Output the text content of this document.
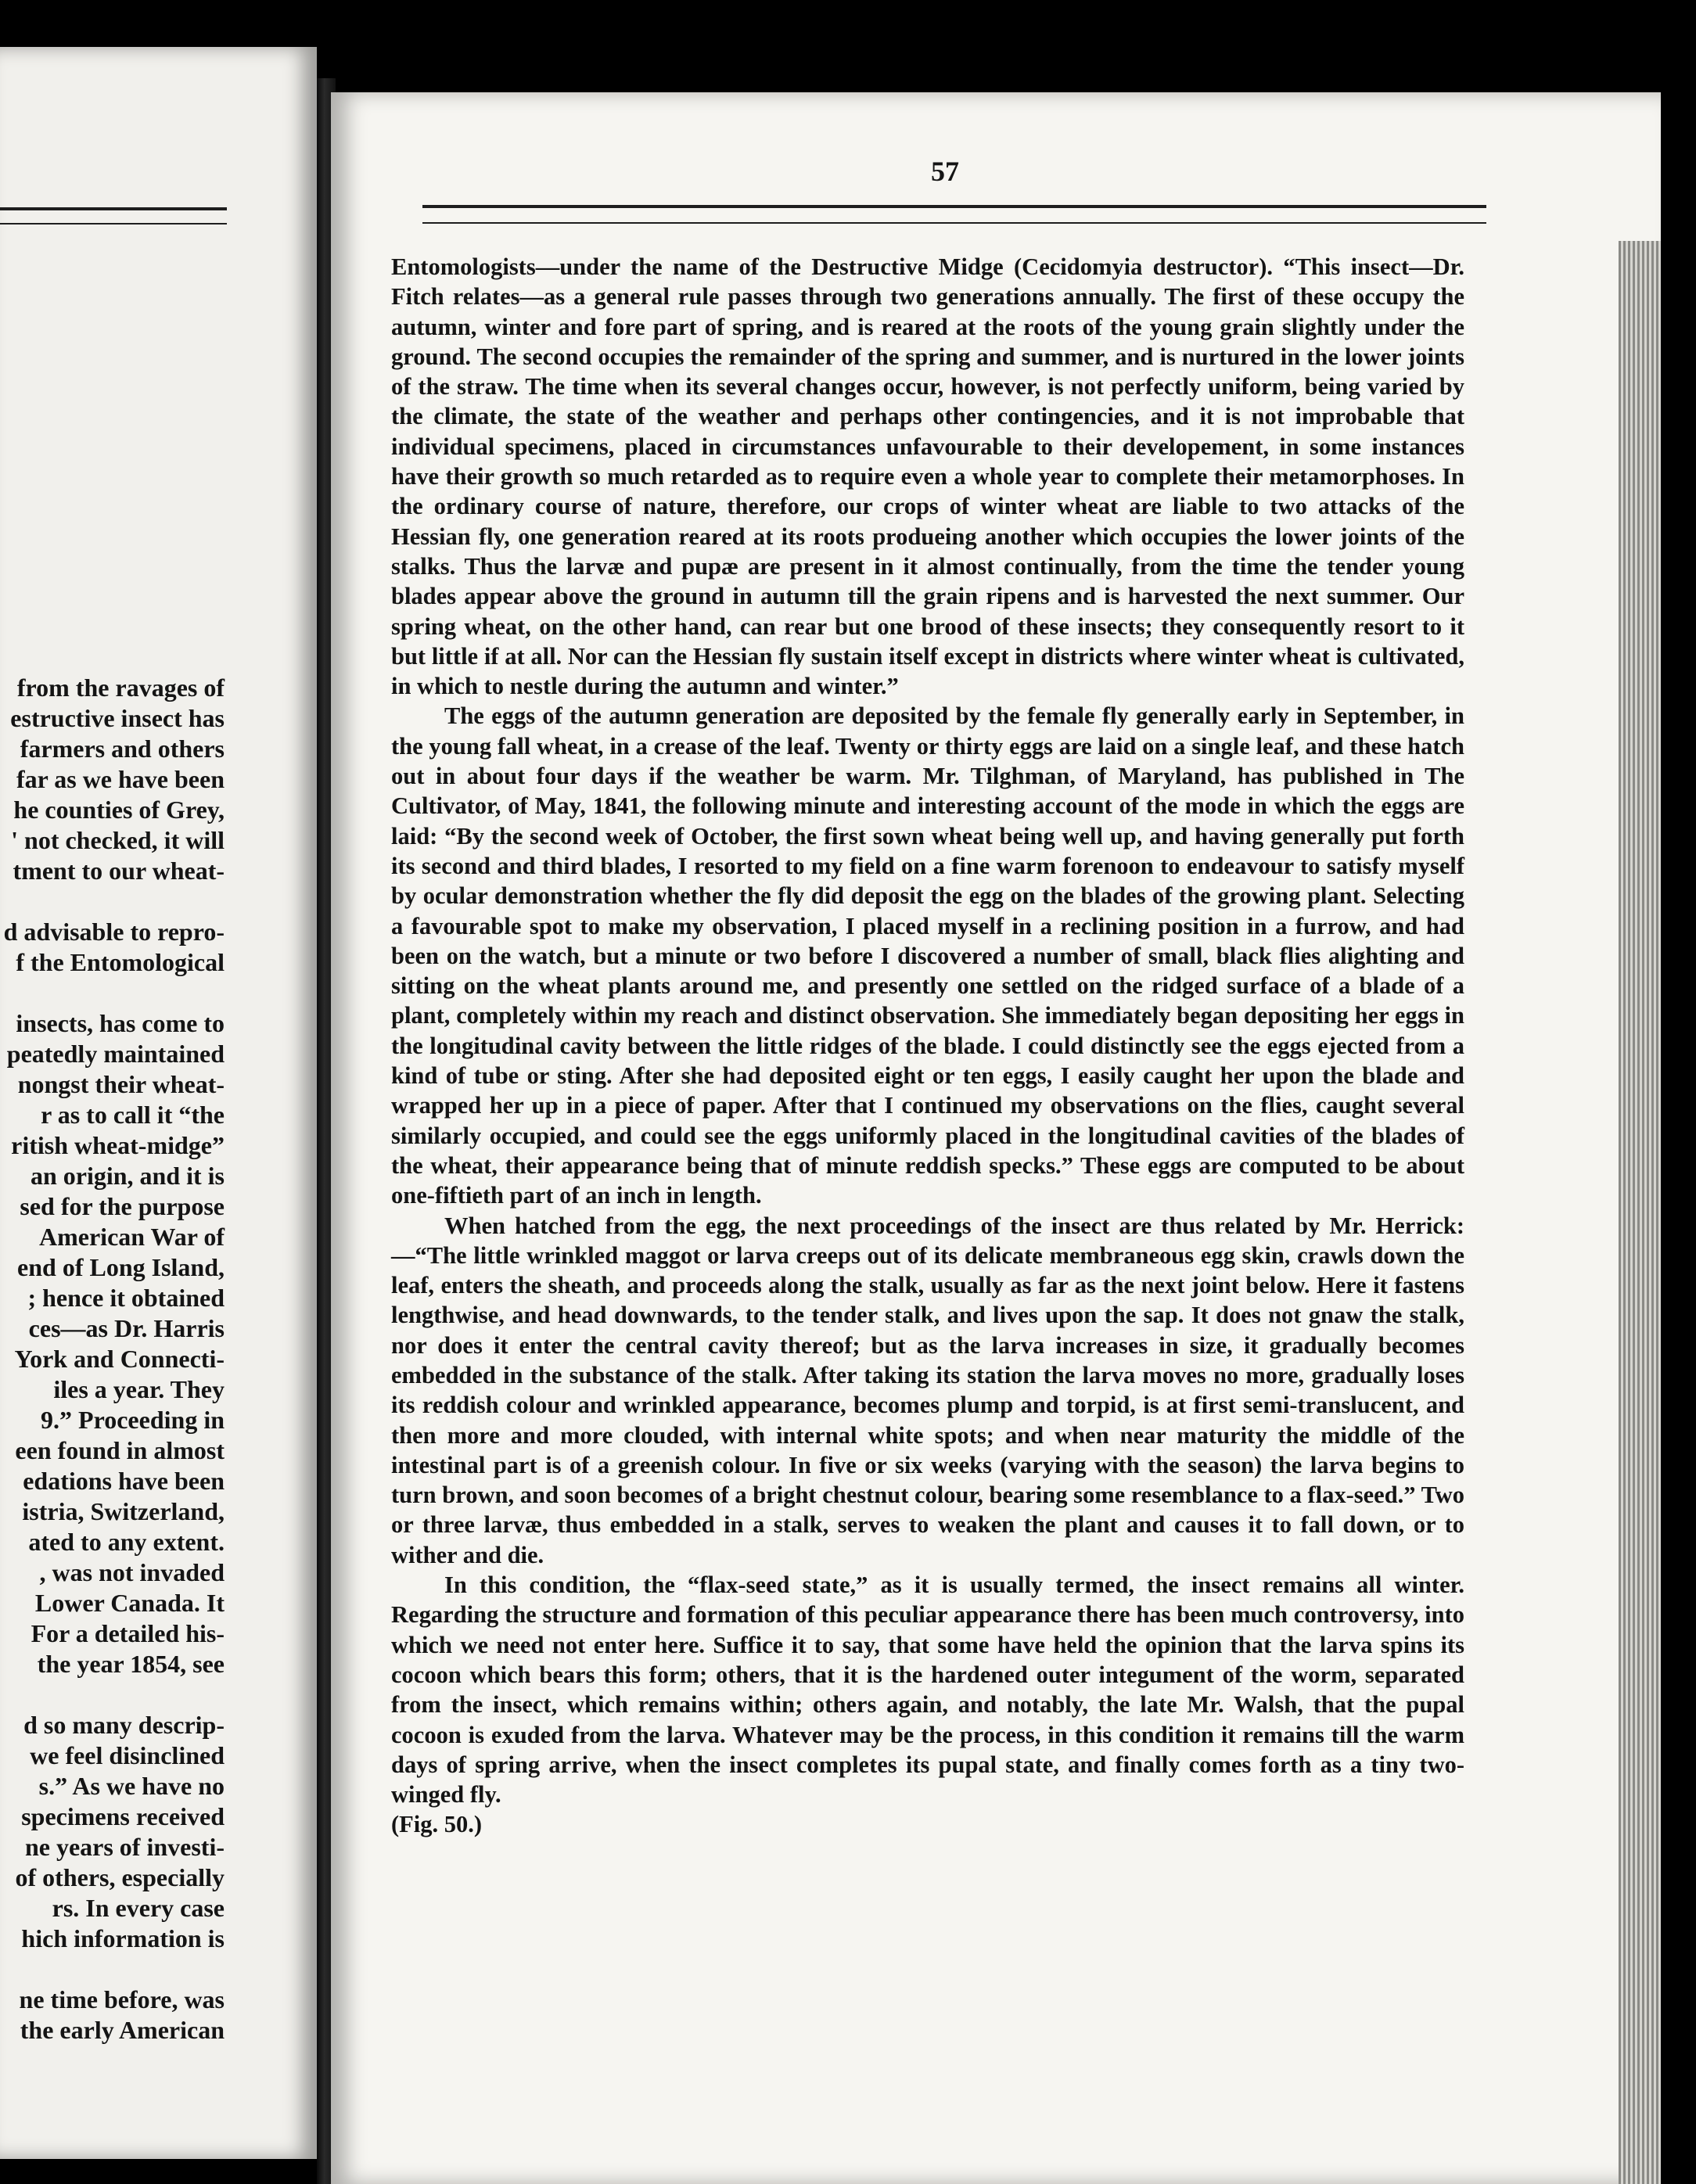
from the ravages of
estructive insect has
farmers and others
far as we have been
he counties of Grey,
' not checked, it will
tment to our wheat-
d advisable to repro-
f the Entomological
insects, has come to
peatedly maintained
nongst their wheat-
r as to call it “the
ritish wheat-midge”
an origin, and it is
sed for the purpose
American War of
end of Long Island,
; hence it obtained
ces—as Dr. Harris
York and Connecti-
iles a year. They
9.” Proceeding in
een found in almost
edations have been
istria, Switzerland,
ated to any extent.
, was not invaded
Lower Canada. It
For a detailed his-
the year 1854, see
d so many descrip-
we feel disinclined
s.” As we have no
specimens received
ne years of investi-
of others, especially
rs. In every case
hich information is
ne time before, was
the early American
57

Entomologists—under the name of the Destructive Midge (Cecidomyia destructor). “This insect—Dr. Fitch relates—as a general rule passes through two generations annually. The first of these occupy the autumn, winter and fore part of spring, and is reared at the roots of the young grain slightly under the ground. The second occupies the remainder of the spring and summer, and is nurtured in the lower joints of the straw. The time when its several changes occur, however, is not perfectly uniform, being varied by the climate, the state of the weather and perhaps other contingencies, and it is not improbable that individual specimens, placed in circumstances unfavourable to their developement, in some instances have their growth so much retarded as to require even a whole year to complete their metamorphoses. In the ordinary course of nature, therefore, our crops of winter wheat are liable to two attacks of the Hessian fly, one generation reared at its roots produeing another which occupies the lower joints of the stalks. Thus the larvæ and pupæ are present in it almost continually, from the time the tender young blades appear above the ground in autumn till the grain ripens and is harvested the next summer. Our spring wheat, on the other hand, can rear but one brood of these insects; they consequently resort to it but little if at all. Nor can the Hessian fly sustain itself except in districts where winter wheat is cultivated, in which to nestle during the autumn and winter.”

The eggs of the autumn generation are deposited by the female fly generally early in September, in the young fall wheat, in a crease of the leaf. Twenty or thirty eggs are laid on a single leaf, and these hatch out in about four days if the weather be warm. Mr. Tilghman, of Maryland, has published in The Cultivator, of May, 1841, the following minute and interesting account of the mode in which the eggs are laid: “By the second week of October, the first sown wheat being well up, and having generally put forth its second and third blades, I resorted to my field on a fine warm forenoon to endeavour to satisfy myself by ocular demonstration whether the fly did deposit the egg on the blades of the growing plant. Selecting a favourable spot to make my observation, I placed myself in a reclining position in a furrow, and had been on the watch, but a minute or two before I discovered a number of small, black flies alighting and sitting on the wheat plants around me, and presently one settled on the ridged surface of a blade of a plant, completely within my reach and distinct observation. She immediately began depositing her eggs in the longitudinal cavity between the little ridges of the blade. I could distinctly see the eggs ejected from a kind of tube or sting. After she had deposited eight or ten eggs, I easily caught her upon the blade and wrapped her up in a piece of paper. After that I continued my observations on the flies, caught several similarly occupied, and could see the eggs uniformly placed in the longitudinal cavities of the blades of the wheat, their appearance being that of minute reddish specks.” These eggs are computed to be about one-fiftieth part of an inch in length.

When hatched from the egg, the next proceedings of the insect are thus related by Mr. Herrick:—“The little wrinkled maggot or larva creeps out of its delicate membraneous egg skin, crawls down the leaf, enters the sheath, and proceeds along the stalk, usually as far as the next joint below. Here it fastens lengthwise, and head downwards, to the tender stalk, and lives upon the sap. It does not gnaw the stalk, nor does it enter the central cavity thereof; but as the larva increases in size, it gradually becomes embedded in the substance of the stalk. After taking its station the larva moves no more, gradually loses its reddish colour and wrinkled appearance, becomes plump and torpid, is at first semi-translucent, and then more and more clouded, with internal white spots; and when near maturity the middle of the intestinal part is of a greenish colour. In five or six weeks (varying with the season) the larva begins to turn brown, and soon becomes of a bright chestnut colour, bearing some resemblance to a flax-seed.” Two or three larvæ, thus embedded in a stalk, serves to weaken the plant and causes it to fall down, or to wither and die.

In this condition, the “flax-seed state,” as it is usually termed, the insect remains all winter. Regarding the structure and formation of this peculiar appearance there has been much controversy, into which we need not enter here. Suffice it to say, that some have held the opinion that the larva spins its cocoon which bears this form; others, that it is the hardened outer integument of the worm, separated from the insect, which remains within; others again, and notably, the late Mr. Walsh, that the pupal cocoon is exuded from the larva. Whatever may be the process, in this condition it remains till the warm days of spring arrive, when the insect completes its pupal state, and finally comes forth as a tiny two-winged fly.

(Fig. 50.)
